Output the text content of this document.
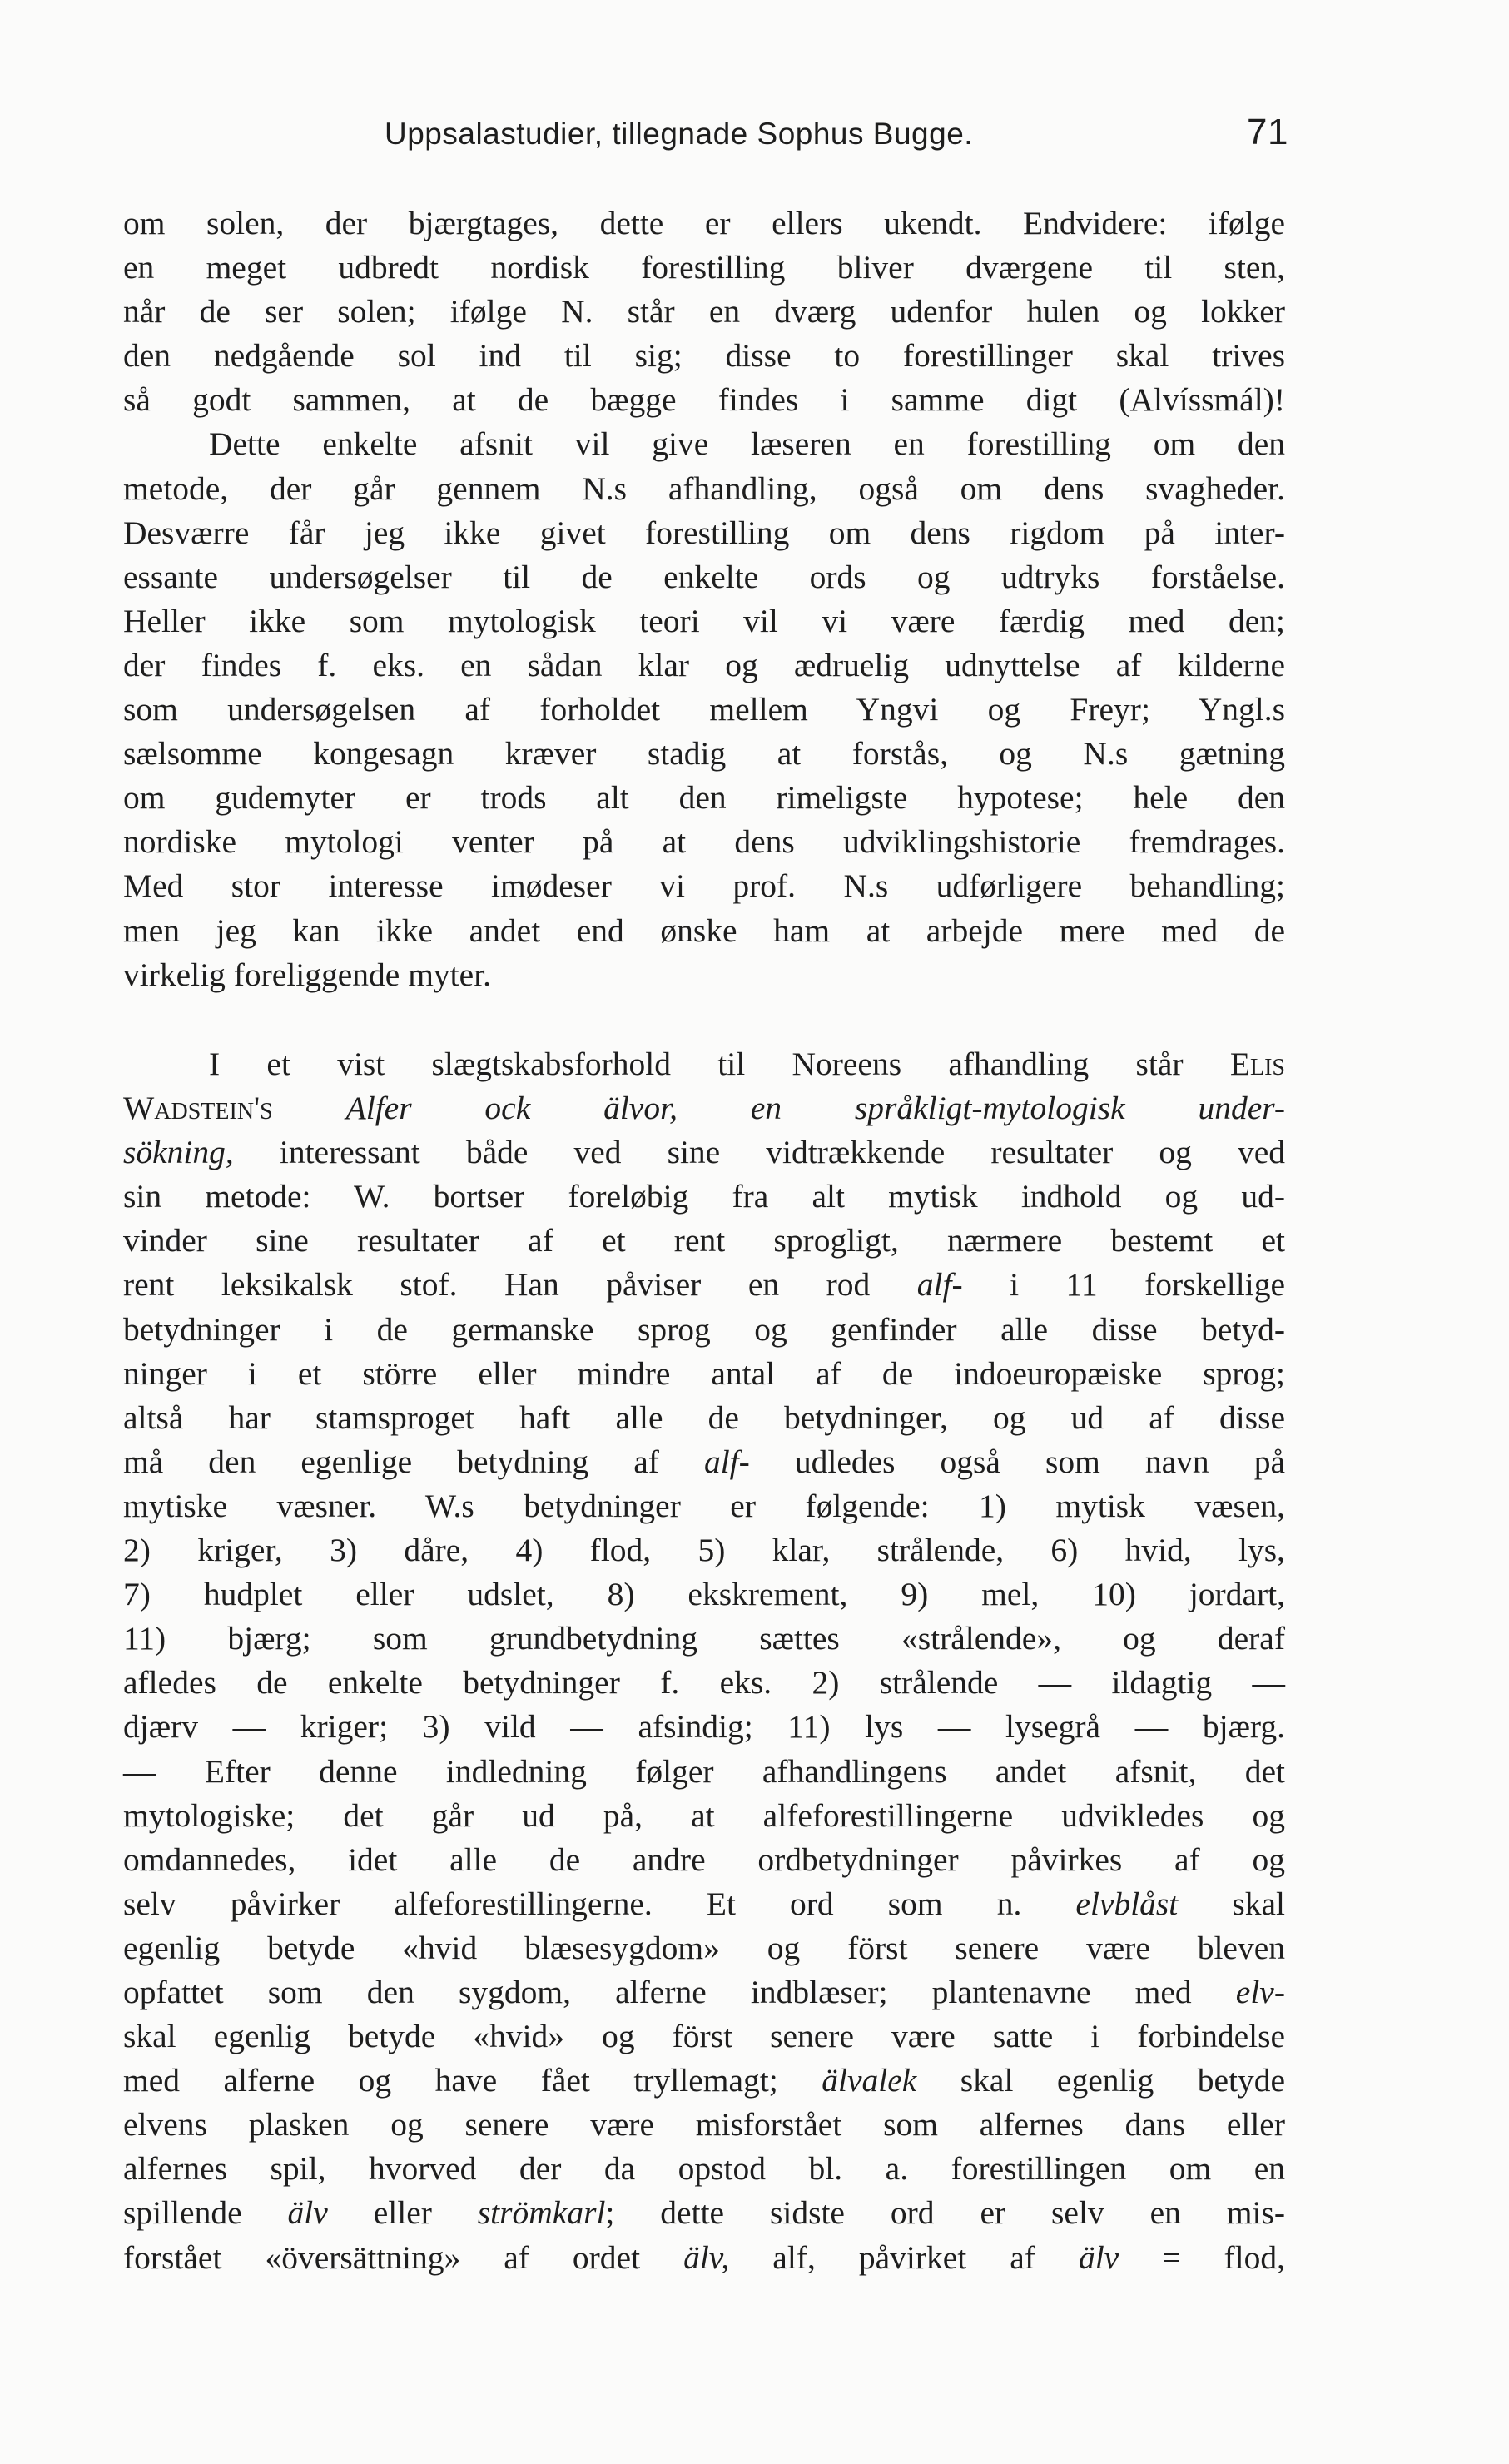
Uppsalastudier, tillegnade Sophus Bugge.	71
om solen, der bjærgtages, dette er ellers ukendt. Endvidere: ifølge
en meget udbredt nordisk forestilling bliver dværgene til sten,
når de ser solen; ifølge N. står en dværg udenfor hulen og lokker
den nedgående sol ind til sig; disse to forestillinger skal trives
så godt sammen, at de bægge findes i samme digt (Alvíssmál)!
Dette enkelte afsnit vil give læseren en forestilling om den
metode, der går gennem N.s afhandling, også om dens svagheder.
Desværre får jeg ikke givet forestilling om dens rigdom på inter-
essante undersøgelser til de enkelte ords og udtryks forståelse.
Heller ikke som mytologisk teori vil vi være færdig med den;
der findes f. eks. en sådan klar og ædruelig udnyttelse af kilderne
som undersøgelsen af forholdet mellem Yngvi og Freyr; Yngl.s
sælsomme kongesagn kræver stadig at forstås, og N.s gætning
om gudemyter er trods alt den rimeligste hypotese; hele den
nordiske mytologi venter på at dens udviklingshistorie fremdrages.
Med stor interesse imødeser vi prof. N.s udførligere behandling;
men jeg kan ikke andet end ønske ham at arbejde mere med de
virkelig foreliggende myter.
I et vist slægtskabsforhold til Noreens afhandling står Elis
Wadstein's Alfer ock älvor, en språkligt-mytologisk under-
sökning, interessant både ved sine vidtrækkende resultater og ved
sin metode: W. bortser foreløbig fra alt mytisk indhold og ud-
vinder sine resultater af et rent sprogligt, nærmere bestemt et
rent leksikalsk stof. Han påviser en rod alf- i 11 forskellige
betydninger i de germanske sprog og genfinder alle disse betyd-
ninger i et större eller mindre antal af de indoeuropæiske sprog;
altså har stamsproget haft alle de betydninger, og ud af disse
må den egenlige betydning af alf- udledes også som navn på
mytiske væsner. W.s betydninger er følgende: 1) mytisk væsen,
2) kriger, 3) dåre, 4) flod, 5) klar, strålende, 6) hvid, lys,
7) hudplet eller udslet, 8) ekskrement, 9) mel, 10) jordart,
11) bjærg; som grundbetydning sættes «strålende», og deraf
afledes de enkelte betydninger f. eks. 2) strålende — ildagtig —
djærv — kriger; 3) vild — afsindig; 11) lys — lysegrå — bjærg.
— Efter denne indledning følger afhandlingens andet afsnit, det
mytologiske; det går ud på, at alfeforestillingerne udvikledes og
omdannedes, idet alle de andre ordbetydninger påvirkes af og
selv påvirker alfeforestillingerne. Et ord som n. elvblåst skal
egenlig betyde «hvid blæsesygdom» og först senere være bleven
opfattet som den sygdom, alferne indblæser; plantenavne med elv-
skal egenlig betyde «hvid» og först senere være satte i forbindelse
med alferne og have fået tryllemagt; älvalek skal egenlig betyde
elvens plasken og senere være misforstået som alfernes dans eller
alfernes spil, hvorved der da opstod bl. a. forestillingen om en
spillende älv eller strömkarl; dette sidste ord er selv en mis-
forstået «översättning» af ordet älv, alf, påvirket af älv = flod,
